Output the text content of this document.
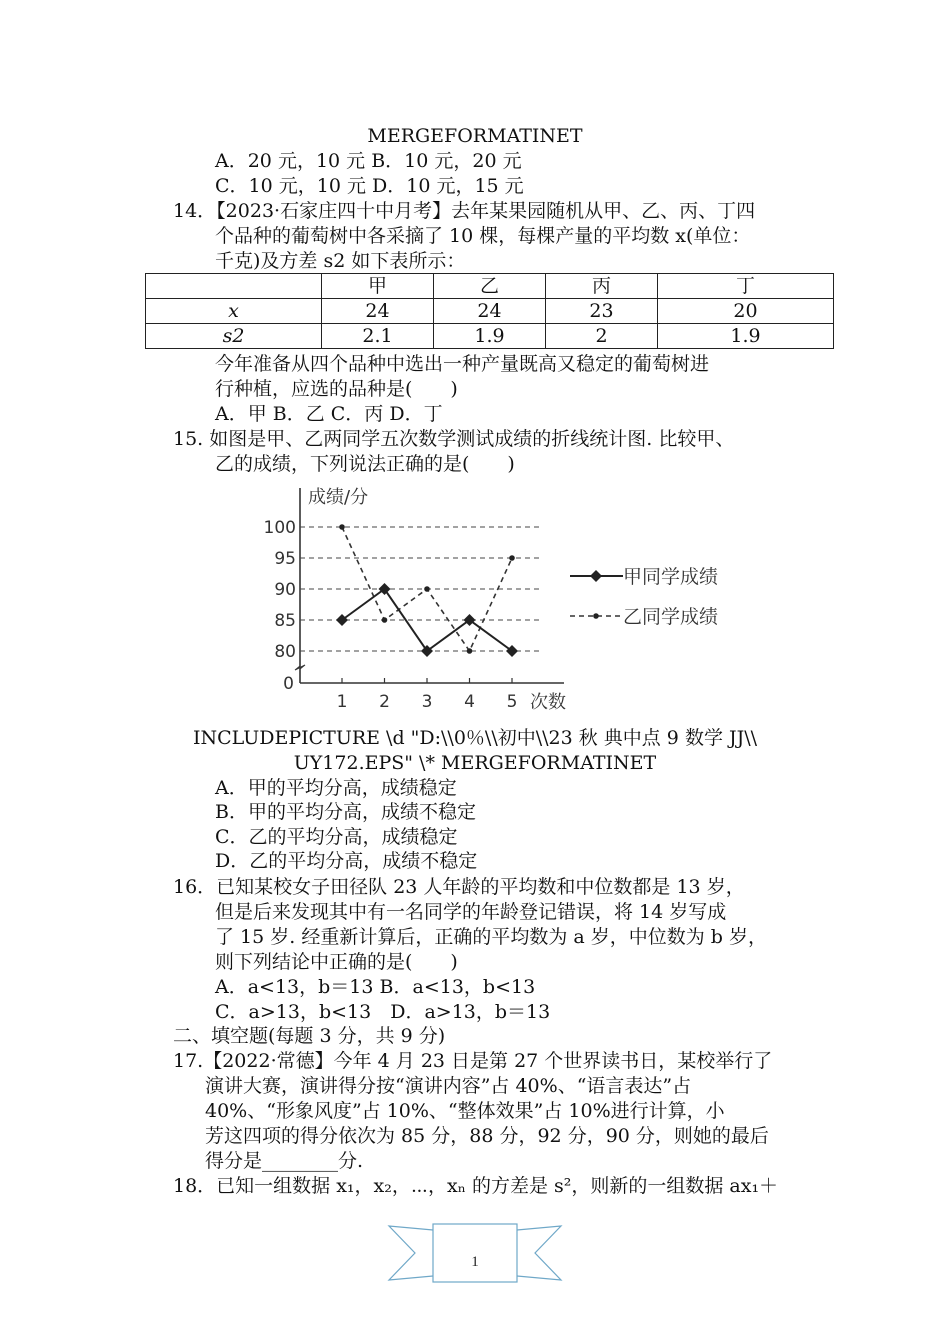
MERGEFORMATINET
A．20 元，10 元 B．10 元，20 元
C．10 元，10 元 D．10 元，15 元
14．【2023·石家庄四十中月考】去年某果园随机从甲、乙、丙、丁四
个品种的葡萄树中各采摘了 10 棵，每棵产量的平均数 x(单位：
千克)及方差 s2 如下表所示：
	甲	乙	丙	丁
x	24	24	23	20
s2	2.1	1.9	2	1.9
今年准备从四个品种中选出一种产量既高又稳定的葡萄树进
行种植，应选的品种是(　　)
A．甲 B．乙 C．丙 D．丁
15. 如图是甲、乙两同学五次数学测试成绩的折线统计图. 比较甲、
乙的成绩，下列说法正确的是(　　)
80
85
90
95
100
0
1 2 3 4 5 次数
成绩/分
甲同学成绩
乙同学成绩
INCLUDEPICTURE \d "D:\\0％\\初中\\23 秋 典中点 9 数学 JJ\\
UY172.EPS" \* MERGEFORMATINET
A．甲的平均分高，成绩稳定
B．甲的平均分高，成绩不稳定
C．乙的平均分高，成绩稳定
D．乙的平均分高，成绩不稳定
16．已知某校女子田径队 23 人年龄的平均数和中位数都是 13 岁，
但是后来发现其中有一名同学的年龄登记错误，将 14 岁写成
了 15 岁. 经重新计算后，正确的平均数为 a 岁，中位数为 b 岁，
则下列结论中正确的是(　　)
A．a<13，b＝13 B．a<13，b<13
C．a>13，b<13　D．a>13，b＝13
二、填空题(每题 3 分，共 9 分)
17.【2022·常德】今年 4 月 23 日是第 27 个世界读书日，某校举行了
演讲大赛，演讲得分按“演讲内容”占 40%、“语言表达”占
40%、“形象风度”占 10%、“整体效果”占 10%进行计算，小
芳这四项的得分依次为 85 分，88 分，92 分，90 分，则她的最后
得分是________分.
18．已知一组数据 x₁，x₂，⋯，xₙ 的方差是 s²，则新的一组数据 ax₁＋
1
